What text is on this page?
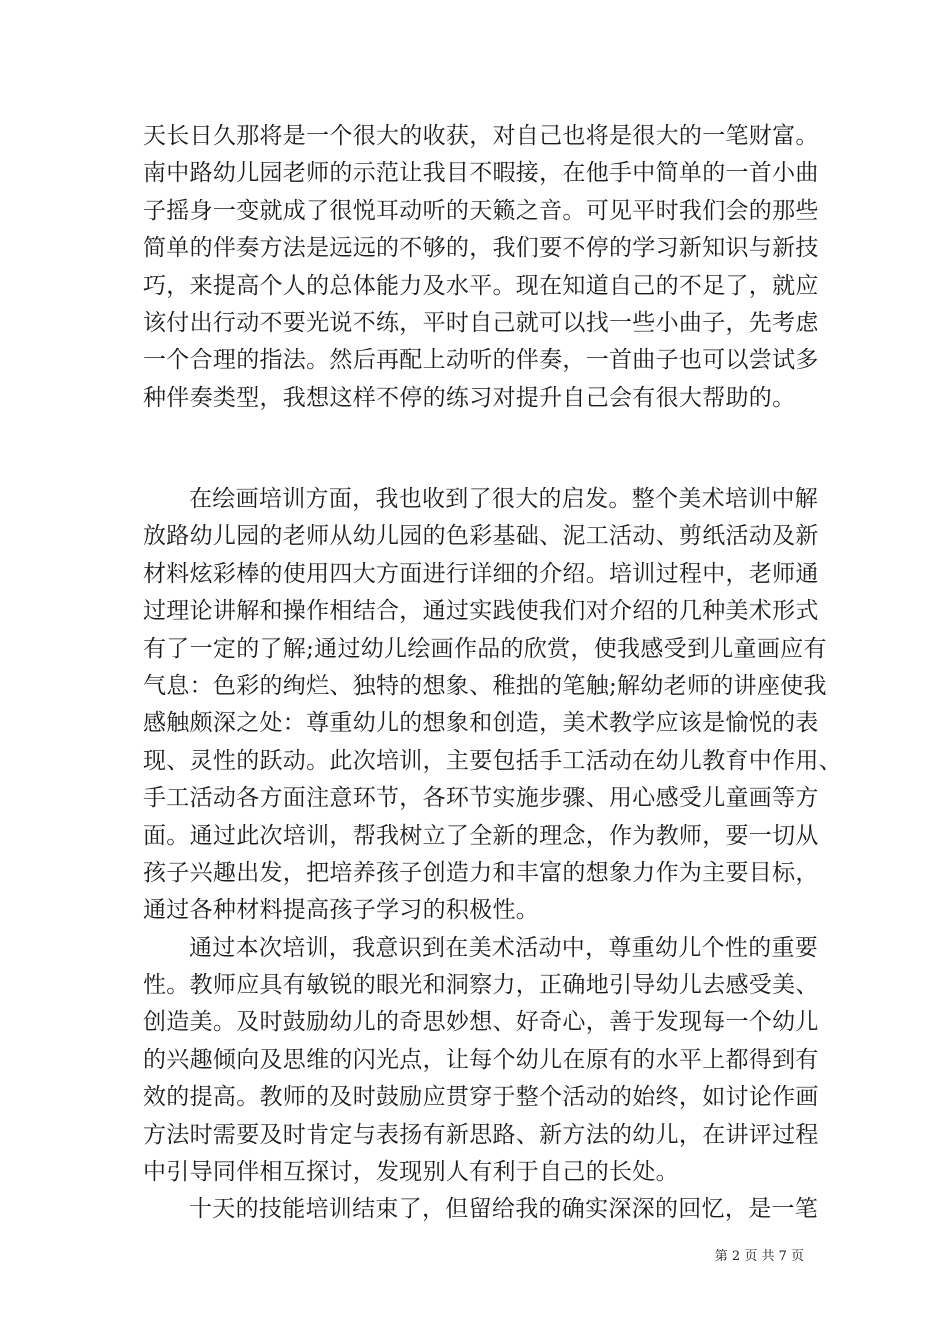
天长日久那将是一个很大的收获，对自己也将是很大的一笔财富。
南中路幼儿园老师的示范让我目不暇接，在他手中简单的一首小曲
子摇身一变就成了很悦耳动听的天籁之音。可见平时我们会的那些
简单的伴奏方法是远远的不够的，我们要不停的学习新知识与新技
巧，来提高个人的总体能力及水平。现在知道自己的不足了，就应
该付出行动不要光说不练，平时自己就可以找一些小曲子，先考虑
一个合理的指法。然后再配上动听的伴奏，一首曲子也可以尝试多
种伴奏类型，我想这样不停的练习对提升自己会有很大帮助的。
在绘画培训方面，我也收到了很大的启发。整个美术培训中解
放路幼儿园的老师从幼儿园的色彩基础、泥工活动、剪纸活动及新
材料炫彩棒的使用四大方面进行详细的介绍。培训过程中，老师通
过理论讲解和操作相结合，通过实践使我们对介绍的几种美术形式
有了一定的了解;通过幼儿绘画作品的欣赏，使我感受到儿童画应有
气息：色彩的绚烂、独特的想象、稚拙的笔触;解幼老师的讲座使我
感触颇深之处：尊重幼儿的想象和创造，美术教学应该是愉悦的表
现、灵性的跃动。此次培训，主要包括手工活动在幼儿教育中作用、
手工活动各方面注意环节，各环节实施步骤、用心感受儿童画等方
面。通过此次培训，帮我树立了全新的理念，作为教师，要一切从
孩子兴趣出发，把培养孩子创造力和丰富的想象力作为主要目标，
通过各种材料提高孩子学习的积极性。
通过本次培训，我意识到在美术活动中，尊重幼儿个性的重要
性。教师应具有敏锐的眼光和洞察力，正确地引导幼儿去感受美、
创造美。及时鼓励幼儿的奇思妙想、好奇心，善于发现每一个幼儿
的兴趣倾向及思维的闪光点，让每个幼儿在原有的水平上都得到有
效的提高。教师的及时鼓励应贯穿于整个活动的始终，如讨论作画
方法时需要及时肯定与表扬有新思路、新方法的幼儿，在讲评过程
中引导同伴相互探讨，发现别人有利于自己的长处。
十天的技能培训结束了，但留给我的确实深深的回忆，是一笔
第 2 页 共 7 页
